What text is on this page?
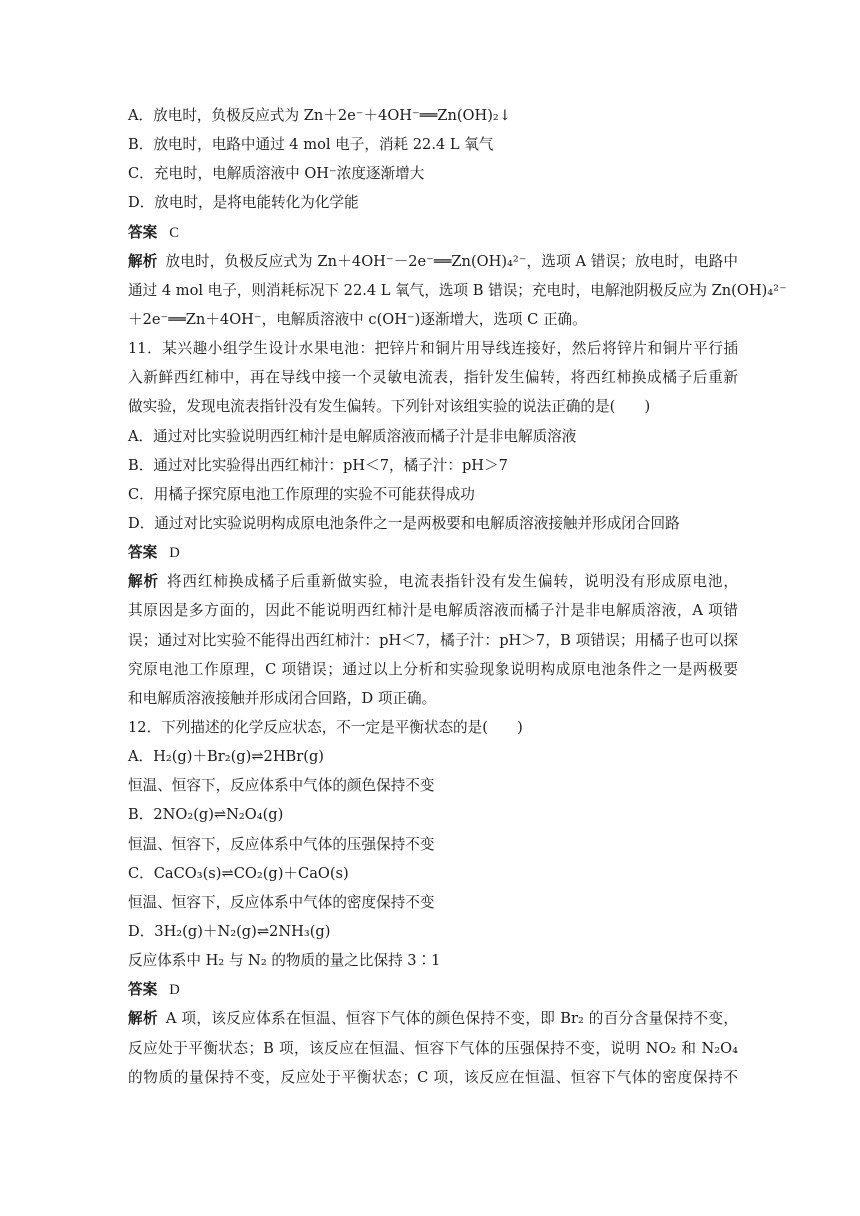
A．放电时，负极反应式为 Zn＋2e⁻＋4OH⁻══Zn(OH)₂↓
B．放电时，电路中通过 4 mol 电子，消耗 22.4 L 氧气
C．充电时，电解质溶液中 OH⁻浓度逐渐增大
D．放电时，是将电能转化为化学能
答案 C
解析 放电时，负极反应式为 Zn＋4OH⁻－2e⁻══Zn(OH)₄²⁻，选项 A 错误；放电时，电路中
通过 4 mol 电子，则消耗标况下 22.4 L 氧气，选项 B 错误；充电时，电解池阴极反应为 Zn(OH)₄²⁻
＋2e⁻══Zn＋4OH⁻，电解质溶液中 c(OH⁻)逐渐增大，选项 C 正确。
11．某兴趣小组学生设计水果电池：把锌片和铜片用导线连接好，然后将锌片和铜片平行插
入新鲜西红柿中，再在导线中接一个灵敏电流表，指针发生偏转，将西红柿换成橘子后重新
做实验，发现电流表指针没有发生偏转。下列针对该组实验的说法正确的是(　　)
A．通过对比实验说明西红柿汁是电解质溶液而橘子汁是非电解质溶液
B．通过对比实验得出西红柿汁：pH＜7，橘子汁：pH＞7
C．用橘子探究原电池工作原理的实验不可能获得成功
D．通过对比实验说明构成原电池条件之一是两极要和电解质溶液接触并形成闭合回路
答案 D
解析 将西红柿换成橘子后重新做实验，电流表指针没有发生偏转，说明没有形成原电池，
其原因是多方面的，因此不能说明西红柿汁是电解质溶液而橘子汁是非电解质溶液，A 项错
误；通过对比实验不能得出西红柿汁：pH＜7，橘子汁：pH＞7，B 项错误；用橘子也可以探
究原电池工作原理，C 项错误；通过以上分析和实验现象说明构成原电池条件之一是两极要
和电解质溶液接触并形成闭合回路，D 项正确。
12．下列描述的化学反应状态，不一定是平衡状态的是(　　)
A．H₂(g)＋Br₂(g)⇌2HBr(g)
恒温、恒容下，反应体系中气体的颜色保持不变
B．2NO₂(g)⇌N₂O₄(g)
恒温、恒容下，反应体系中气体的压强保持不变
C．CaCO₃(s)⇌CO₂(g)＋CaO(s)
恒温、恒容下，反应体系中气体的密度保持不变
D．3H₂(g)＋N₂(g)⇌2NH₃(g)
反应体系中 H₂ 与 N₂ 的物质的量之比保持 3∶1
答案 D
解析 A 项，该反应体系在恒温、恒容下气体的颜色保持不变，即 Br₂ 的百分含量保持不变，
反应处于平衡状态；B 项，该反应在恒温、恒容下气体的压强保持不变，说明 NO₂ 和 N₂O₄
的物质的量保持不变，反应处于平衡状态；C 项，该反应在恒温、恒容下气体的密度保持不
